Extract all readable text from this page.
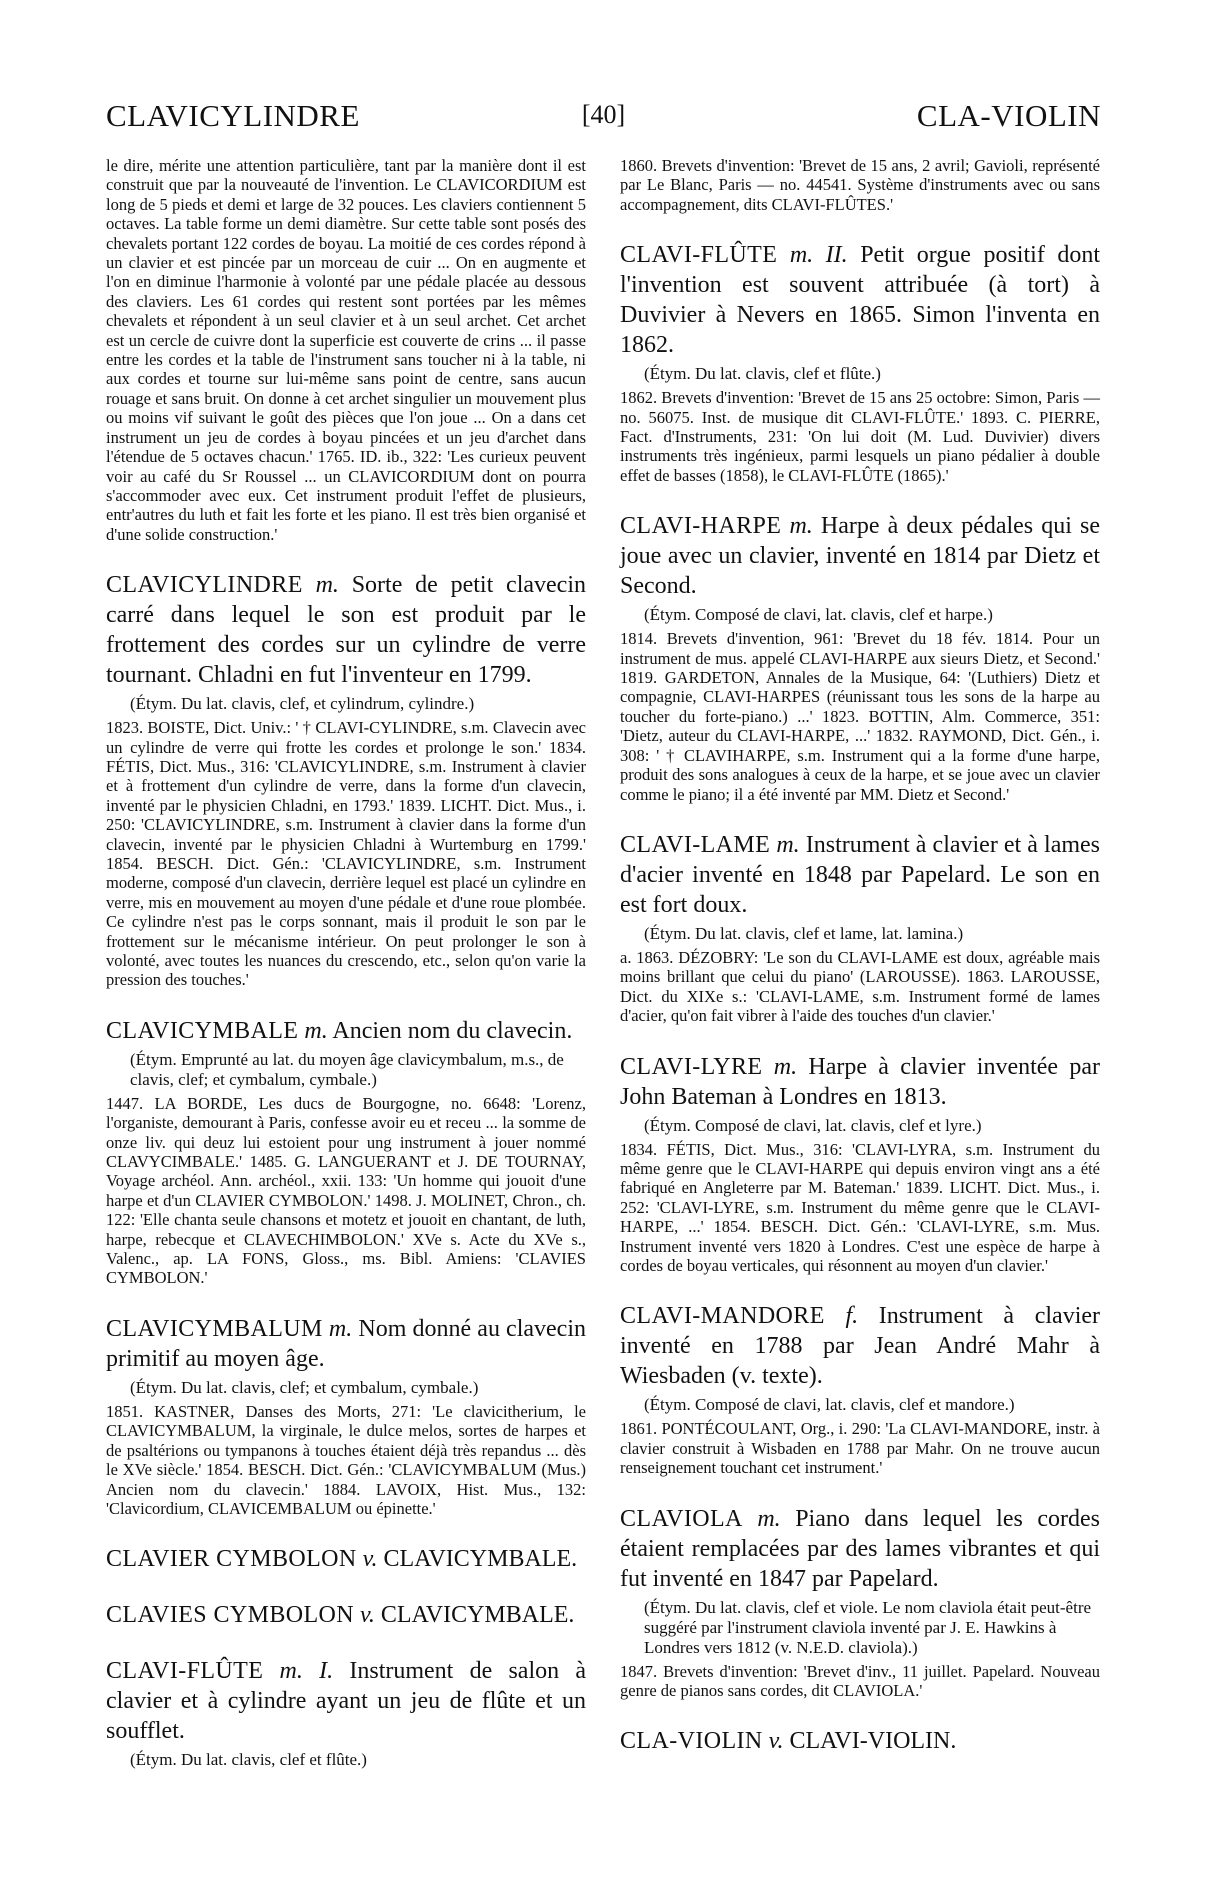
CLAVICYLINDRE	[40]	CLA-VIOLIN

le dire, mérite une attention particulière, tant par la manière dont il est construit que par la nouveauté de l'invention. Le CLAVICORDIUM est long de 5 pieds et demi et large de 32 pouces. Les claviers contiennent 5 octaves. La table forme un demi diamètre. Sur cette table sont posés des chevalets portant 122 cordes de boyau. La moitié de ces cordes répond à un clavier et est pincée par un morceau de cuir ... On en augmente et l'on en diminue l'harmonie à volonté par une pédale placée au dessous des claviers. Les 61 cordes qui restent sont portées par les mêmes chevalets et répondent à un seul clavier et à un seul archet. Cet archet est un cercle de cuivre dont la superficie est couverte de crins ... il passe entre les cordes et la table de l'instrument sans toucher ni à la table, ni aux cordes et tourne sur lui-même sans point de centre, sans aucun rouage et sans bruit. On donne à cet archet singulier un mouvement plus ou moins vif suivant le goût des pièces que l'on joue ... On a dans cet instrument un jeu de cordes à boyau pincées et un jeu d'archet dans l'étendue de 5 octaves chacun.' 1765. ID. ib., 322: 'Les curieux peuvent voir au café du Sr Roussel ... un CLAVICORDIUM dont on pourra s'accommoder avec eux. Cet instrument produit l'effet de plusieurs, entr'autres du luth et fait les forte et les piano. Il est très bien organisé et d'une solide construction.'

CLAVICYLINDRE m. Sorte de petit clavecin carré dans lequel le son est produit par le frottement des cordes sur un cylindre de verre tournant. Chladni en fut l'inventeur en 1799.

(Étym. Du lat. clavis, clef, et cylindrum, cylindre.)

1823. BOISTE, Dict. Univ.: ' † CLAVI-CYLINDRE, s.m. Clavecin avec un cylindre de verre qui frotte les cordes et prolonge le son.' 1834. FÉTIS, Dict. Mus., 316: 'CLAVICYLINDRE, s.m. Instrument à clavier et à frottement d'un cylindre de verre, dans la forme d'un clavecin, inventé par le physicien Chladni, en 1793.' 1839. LICHT. Dict. Mus., i. 250: 'CLAVICYLINDRE, s.m. Instrument à clavier dans la forme d'un clavecin, inventé par le physicien Chladni à Wurtemburg en 1799.' 1854. BESCH. Dict. Gén.: 'CLAVICYLINDRE, s.m. Instrument moderne, composé d'un clavecin, derrière lequel est placé un cylindre en verre, mis en mouvement au moyen d'une pédale et d'une roue plombée. Ce cylindre n'est pas le corps sonnant, mais il produit le son par le frottement sur le mécanisme intérieur. On peut prolonger le son à volonté, avec toutes les nuances du crescendo, etc., selon qu'on varie la pression des touches.'

CLAVICYMBALE m. Ancien nom du clavecin.

(Étym. Emprunté au lat. du moyen âge clavicymbalum, m.s., de clavis, clef; et cymbalum, cymbale.)

1447. LA BORDE, Les ducs de Bourgogne, no. 6648: 'Lorenz, l'organiste, demourant à Paris, confesse avoir eu et receu ... la somme de onze liv. qui deuz lui estoient pour ung instrument à jouer nommé CLAVYCIMBALE.' 1485. G. LANGUERANT et J. DE TOURNAY, Voyage archéol. Ann. archéol., xxii. 133: 'Un homme qui jouoit d'une harpe et d'un CLAVIER CYMBOLON.' 1498. J. MOLINET, Chron., ch. 122: 'Elle chanta seule chansons et motetz et jouoit en chantant, de luth, harpe, rebecque et CLAVECHIMBOLON.' XVe s. Acte du XVe s., Valenc., ap. LA FONS, Gloss., ms. Bibl. Amiens: 'CLAVIES CYMBOLON.'

CLAVICYMBALUM m. Nom donné au clavecin primitif au moyen âge.

(Étym. Du lat. clavis, clef; et cymbalum, cymbale.)

1851. KASTNER, Danses des Morts, 271: 'Le clavicitherium, le CLAVICYMBALUM, la virginale, le dulce melos, sortes de harpes et de psaltérions ou tympanons à touches étaient déjà très repandus ... dès le XVe siècle.' 1854. BESCH. Dict. Gén.: 'CLAVICYMBALUM (Mus.) Ancien nom du clavecin.' 1884. LAVOIX, Hist. Mus., 132: 'Clavicordium, CLAVICEMBALUM ou épinette.'

CLAVIER CYMBOLON v. CLAVICYMBALE.

CLAVIES CYMBOLON v. CLAVICYMBALE.

CLAVI-FLÛTE m. I. Instrument de salon à clavier et à cylindre ayant un jeu de flûte et un soufflet.

(Étym. Du lat. clavis, clef et flûte.)

1860. Brevets d'invention: 'Brevet de 15 ans, 2 avril; Gavioli, représenté par Le Blanc, Paris — no. 44541. Système d'instruments avec ou sans accompagnement, dits CLAVI-FLÛTES.'

CLAVI-FLÛTE m. II. Petit orgue positif dont l'invention est souvent attribuée (à tort) à Duvivier à Nevers en 1865. Simon l'inventa en 1862.

(Étym. Du lat. clavis, clef et flûte.)

1862. Brevets d'invention: 'Brevet de 15 ans 25 octobre: Simon, Paris — no. 56075. Inst. de musique dit CLAVI-FLÛTE.' 1893. C. PIERRE, Fact. d'Instruments, 231: 'On lui doit (M. Lud. Duvivier) divers instruments très ingénieux, parmi lesquels un piano pédalier à double effet de basses (1858), le CLAVI-FLÛTE (1865).'

CLAVI-HARPE m. Harpe à deux pédales qui se joue avec un clavier, inventé en 1814 par Dietz et Second.

(Étym. Composé de clavi, lat. clavis, clef et harpe.)

1814. Brevets d'invention, 961: 'Brevet du 18 fév. 1814. Pour un instrument de mus. appelé CLAVI-HARPE aux sieurs Dietz, et Second.' 1819. GARDETON, Annales de la Musique, 64: '(Luthiers) Dietz et compagnie, CLAVI-HARPES (réunissant tous les sons de la harpe au toucher du forte-piano.) ...' 1823. BOTTIN, Alm. Commerce, 351: 'Dietz, auteur du CLAVI-HARPE, ...' 1832. RAYMOND, Dict. Gén., i. 308: ' † CLAVIHARPE, s.m. Instrument qui a la forme d'une harpe, produit des sons analogues à ceux de la harpe, et se joue avec un clavier comme le piano; il a été inventé par MM. Dietz et Second.'

CLAVI-LAME m. Instrument à clavier et à lames d'acier inventé en 1848 par Papelard. Le son en est fort doux.

(Étym. Du lat. clavis, clef et lame, lat. lamina.)

a. 1863. DÉZOBRY: 'Le son du CLAVI-LAME est doux, agréable mais moins brillant que celui du piano' (LAROUSSE). 1863. LAROUSSE, Dict. du XIXe s.: 'CLAVI-LAME, s.m. Instrument formé de lames d'acier, qu'on fait vibrer à l'aide des touches d'un clavier.'

CLAVI-LYRE m. Harpe à clavier inventée par John Bateman à Londres en 1813.

(Étym. Composé de clavi, lat. clavis, clef et lyre.)

1834. FÉTIS, Dict. Mus., 316: 'CLAVI-LYRA, s.m. Instrument du même genre que le CLAVI-HARPE qui depuis environ vingt ans a été fabriqué en Angleterre par M. Bateman.' 1839. LICHT. Dict. Mus., i. 252: 'CLAVI-LYRE, s.m. Instrument du même genre que le CLAVI-HARPE, ...' 1854. BESCH. Dict. Gén.: 'CLAVI-LYRE, s.m. Mus. Instrument inventé vers 1820 à Londres. C'est une espèce de harpe à cordes de boyau verticales, qui résonnent au moyen d'un clavier.'

CLAVI-MANDORE f. Instrument à clavier inventé en 1788 par Jean André Mahr à Wiesbaden (v. texte).

(Étym. Composé de clavi, lat. clavis, clef et mandore.)

1861. PONTÉCOULANT, Org., i. 290: 'La CLAVI-MANDORE, instr. à clavier construit à Wisbaden en 1788 par Mahr. On ne trouve aucun renseignement touchant cet instrument.'

CLAVIOLA m. Piano dans lequel les cordes étaient remplacées par des lames vibrantes et qui fut inventé en 1847 par Papelard.

(Étym. Du lat. clavis, clef et viole. Le nom claviola était peut-être suggéré par l'instrument claviola inventé par J. E. Hawkins à Londres vers 1812 (v. N.E.D. claviola).)

1847. Brevets d'invention: 'Brevet d'inv., 11 juillet. Papelard. Nouveau genre de pianos sans cordes, dit CLAVIOLA.'

CLA-VIOLIN v. CLAVI-VIOLIN.
